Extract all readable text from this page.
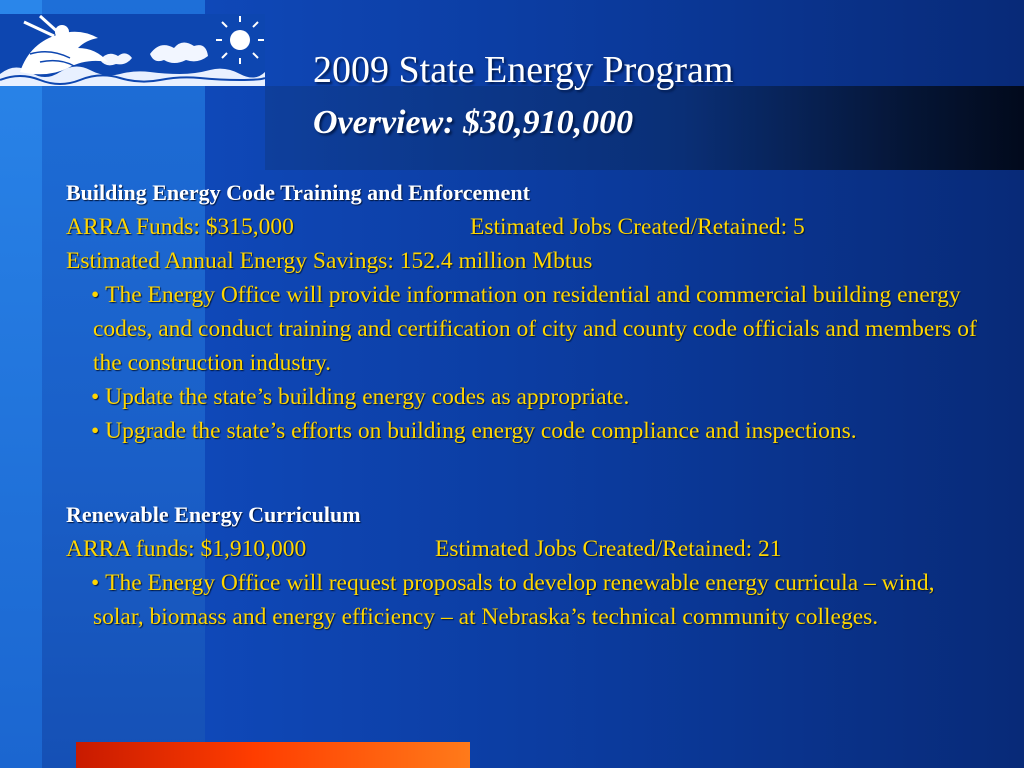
2009 State Energy Program
Overview: $30,910,000
Building Energy Code Training and Enforcement
ARRA Funds: $315,000	Estimated Jobs Created/Retained: 5
Estimated Annual Energy Savings: 152.4 million Mbtus
• The Energy Office will provide information on residential and commercial building energy codes, and conduct training and certification of city and county code officials and members of the construction industry.
• Update the state’s building energy codes as appropriate.
• Upgrade the state’s efforts on building energy code compliance and inspections.
Renewable Energy Curriculum
ARRA funds: $1,910,000	Estimated Jobs Created/Retained: 21
• The Energy Office will request proposals to develop renewable energy curricula – wind, solar, biomass and energy efficiency – at Nebraska’s technical community colleges.
